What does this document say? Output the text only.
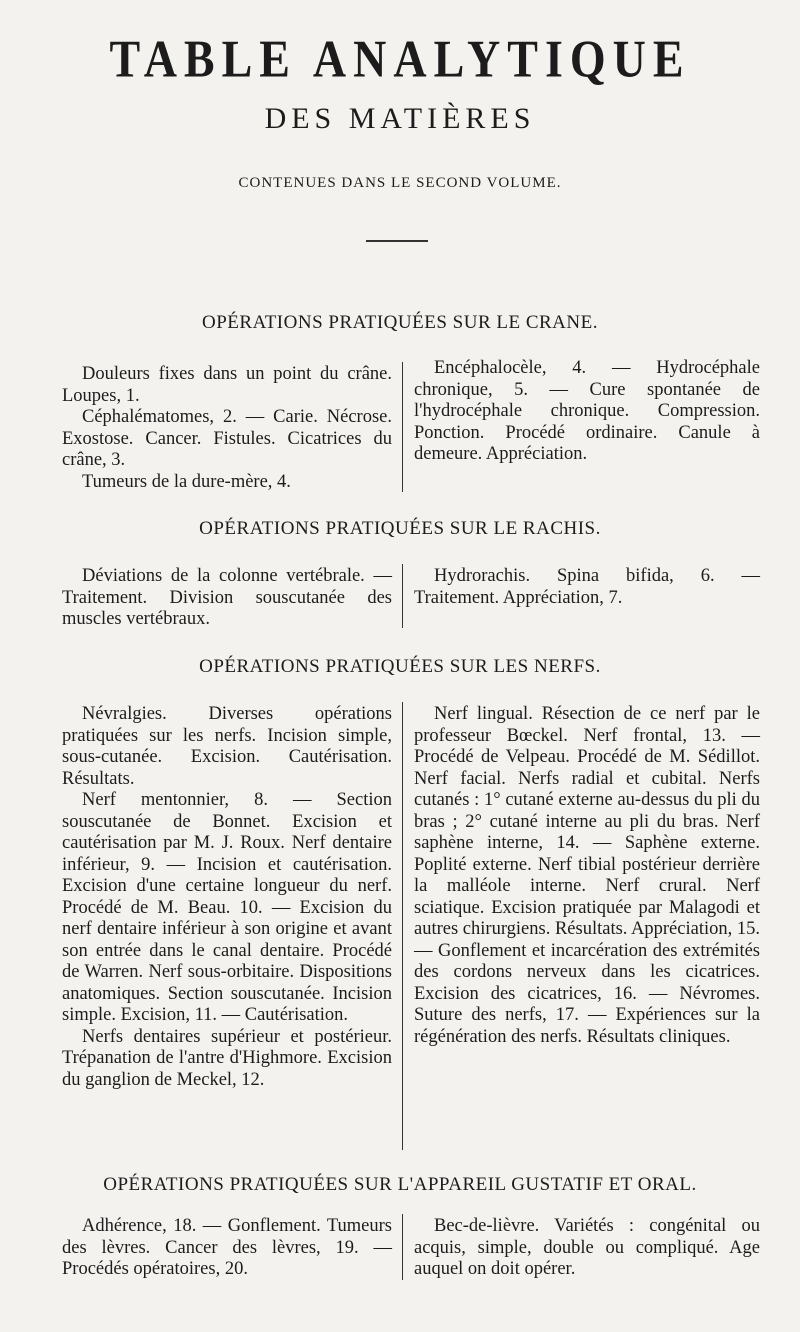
TABLE ANALYTIQUE
DES MATIÈRES
CONTENUES DANS LE SECOND VOLUME.
OPÉRATIONS PRATIQUÉES SUR LE CRANE.

Douleurs fixes dans un point du crâne. Loupes, 1.

Céphalématomes, 2. — Carie. Nécrose. Exostose. Cancer. Fistules. Cicatrices du crâne, 3.

Tumeurs de la dure-mère, 4.

Encéphalocèle, 4. — Hydrocéphale chronique, 5. — Cure spontanée de l'hydrocéphale chronique. Compression. Ponction. Procédé ordinaire. Canule à demeure. Appréciation.

OPÉRATIONS PRATIQUÉES SUR LE RACHIS.

Déviations de la colonne vertébrale. — Traitement. Division souscutanée des muscles vertébraux.

Hydrorachis. Spina bifida, 6. — Traitement. Appréciation, 7.

OPÉRATIONS PRATIQUÉES SUR LES NERFS.

Névralgies. Diverses opérations pratiquées sur les nerfs. Incision simple, sous-cutanée. Excision. Cautérisation. Résultats.

Nerf mentonnier, 8. — Section souscutanée de Bonnet. Excision et cautérisation par M. J. Roux. Nerf dentaire inférieur, 9. — Incision et cautérisation. Excision d'une certaine longueur du nerf. Procédé de M. Beau. 10. — Excision du nerf dentaire inférieur à son origine et avant son entrée dans le canal dentaire. Procédé de Warren. Nerf sous-orbitaire. Dispositions anatomiques. Section souscutanée. Incision simple. Excision, 11. — Cautérisation.

Nerfs dentaires supérieur et postérieur. Trépanation de l'antre d'Highmore. Excision du ganglion de Meckel, 12.

Nerf lingual. Résection de ce nerf par le professeur Bœckel. Nerf frontal, 13. — Procédé de Velpeau. Procédé de M. Sédillot. Nerf facial. Nerfs radial et cubital. Nerfs cutanés : 1° cutané externe au-dessus du pli du bras ; 2° cutané interne au pli du bras. Nerf saphène interne, 14. — Saphène externe. Poplité externe. Nerf tibial postérieur derrière la malléole interne. Nerf crural. Nerf sciatique. Excision pratiquée par Malagodi et autres chirurgiens. Résultats. Appréciation, 15. — Gonflement et incarcération des extrémités des cordons nerveux dans les cicatrices. Excision des cicatrices, 16. — Névromes. Suture des nerfs, 17. — Expériences sur la régénération des nerfs. Résultats cliniques.

OPÉRATIONS PRATIQUÉES SUR L'APPAREIL GUSTATIF ET ORAL.

Adhérence, 18. — Gonflement. Tumeurs des lèvres. Cancer des lèvres, 19. — Procédés opératoires, 20.

Bec-de-lièvre. Variétés : congénital ou acquis, simple, double ou compliqué. Age auquel on doit opérer.
